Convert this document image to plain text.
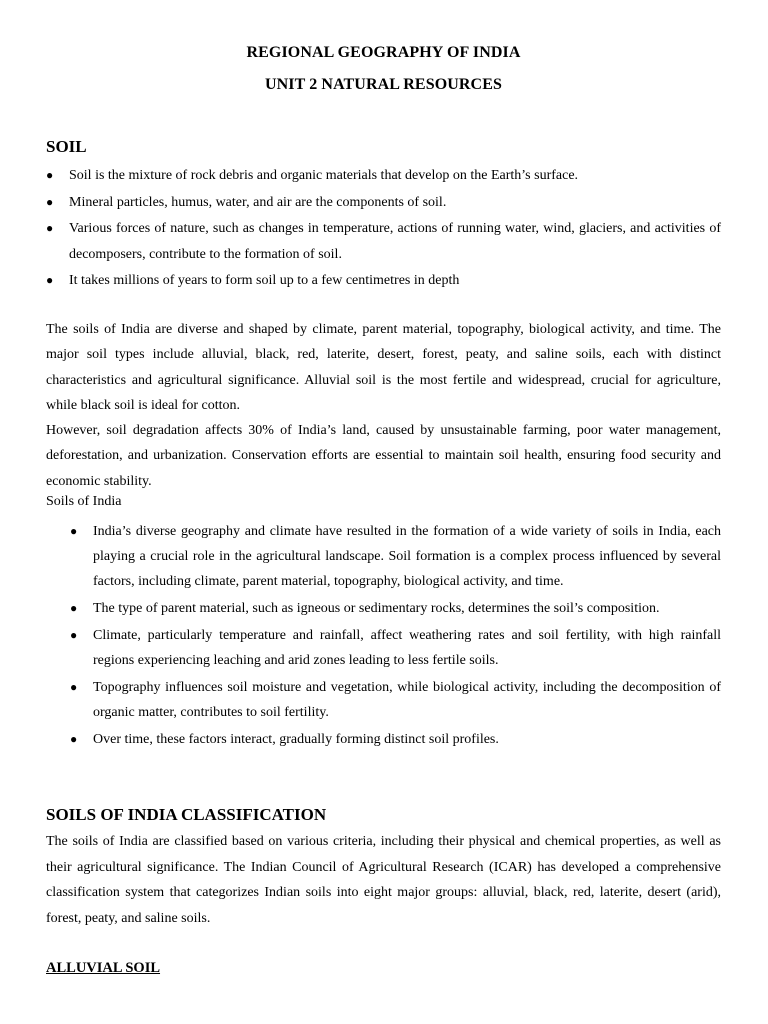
REGIONAL GEOGRAPHY OF INDIA
UNIT 2 NATURAL RESOURCES
SOIL
● Soil is the mixture of rock debris and organic materials that develop on the Earth’s surface.
● Mineral particles, humus, water, and air are the components of soil.
● Various forces of nature, such as changes in temperature, actions of running water, wind, glaciers, and activities of decomposers, contribute to the formation of soil.
● It takes millions of years to form soil up to a few centimetres in depth

The soils of India are diverse and shaped by climate, parent material, topography, biological activity, and time. The major soil types include alluvial, black, red, laterite, desert, forest, peaty, and saline soils, each with distinct characteristics and agricultural significance. Alluvial soil is the most fertile and widespread, crucial for agriculture, while black soil is ideal for cotton.

However, soil degradation affects 30% of India’s land, caused by unsustainable farming, poor water management, deforestation, and urbanization. Conservation efforts are essential to maintain soil health, ensuring food security and economic stability.

Soils of India
● India’s diverse geography and climate have resulted in the formation of a wide variety of soils in India, each playing a crucial role in the agricultural landscape. Soil formation is a complex process influenced by several factors, including climate, parent material, topography, biological activity, and time.
● The type of parent material, such as igneous or sedimentary rocks, determines the soil’s composition.
● Climate, particularly temperature and rainfall, affect weathering rates and soil fertility, with high rainfall regions experiencing leaching and arid zones leading to less fertile soils.
● Topography influences soil moisture and vegetation, while biological activity, including the decomposition of organic matter, contributes to soil fertility.
● Over time, these factors interact, gradually forming distinct soil profiles.
SOILS OF INDIA CLASSIFICATION

The soils of India are classified based on various criteria, including their physical and chemical properties, as well as their agricultural significance. The Indian Council of Agricultural Research (ICAR) has developed a comprehensive classification system that categorizes Indian soils into eight major groups: alluvial, black, red, laterite, desert (arid), forest, peaty, and saline soils.

ALLUVIAL SOIL
